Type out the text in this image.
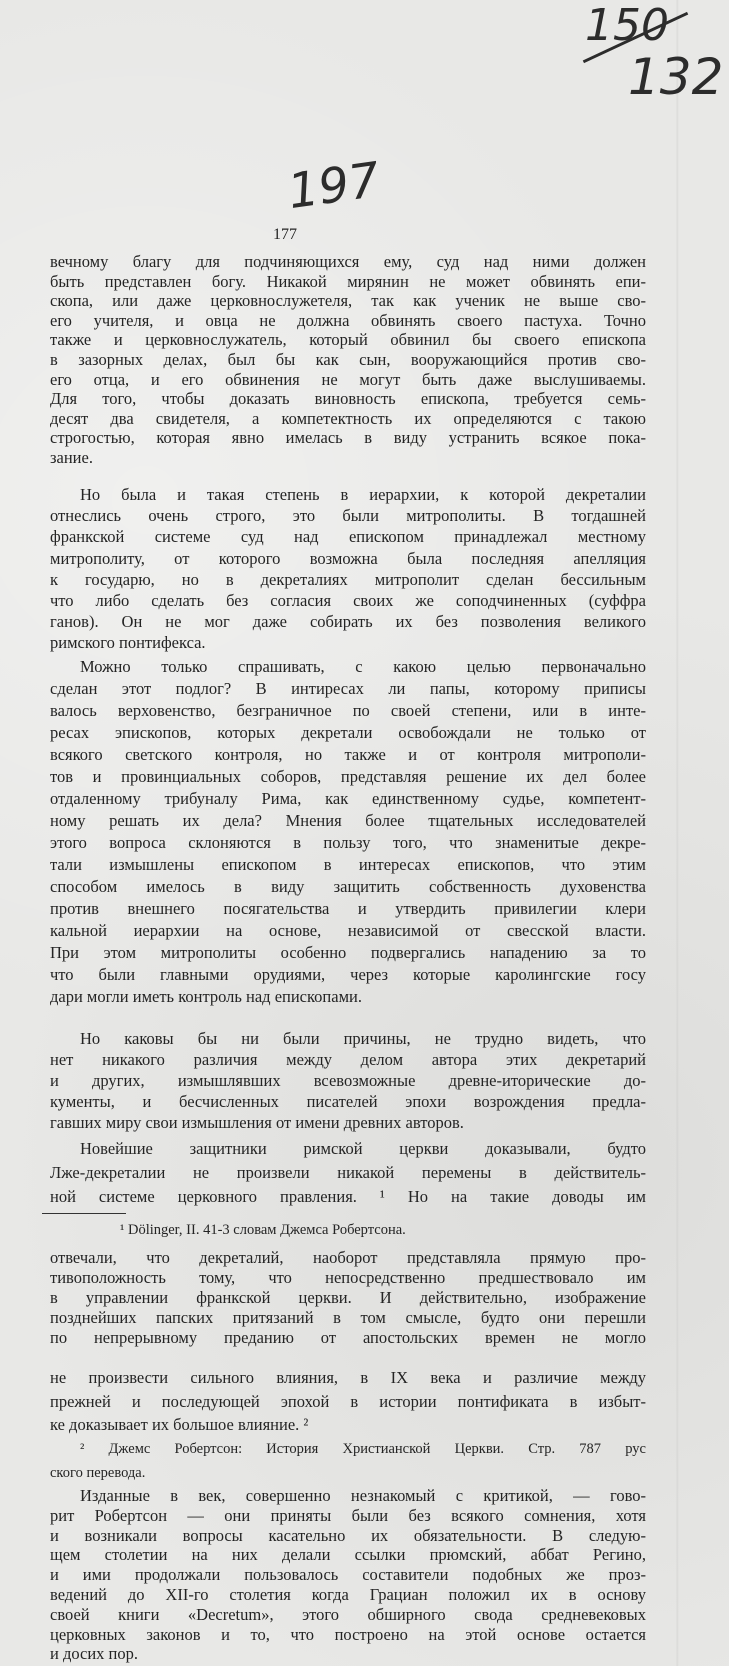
150
132
197
177
вечному благу для подчиняющихся ему, суд над ними должен
быть представлен богу. Никакой мирянин не может обвинять епи-
скопа, или даже церковнослужетеля, так как ученик не выше сво-
его учителя, и овца не должна обвинять своего пастуха. Точно
также и церковнослужатель, который обвинил бы своего епископа
в зазорных делах, был бы как сын, вооружающийся против сво-
его отца, и его обвинения не могут быть даже выслушиваемы.
Для того, чтобы доказать виновность епископа, требуется семь-
десят два свидетеля, а компетектность их определяются с такою
строгостью, которая явно имелась в виду устранить всякое пока-
зание.
Но была и такая степень в иерархии, к которой декреталии
отнеслись очень строго, это были митрополиты. В тогдашней
франкской системе суд над епископом принадлежал местному
митрополиту, от которого возможна была последняя апелляция
к государю, но в декреталиях митрополит сделан бессильным
что либо сделать без согласия своих же соподчиненных (суффра
ганов). Он не мог даже собирать их без позволения великого
римского понтифекса.
Можно только спрашивать, с какою целью первоначально
сделан этот подлог? В интиресах ли папы, которому приписы
валось верховенство, безграничное по своей степени, или в инте-
ресах эпископов, которых декретали освобождали не только от
всякого светского контроля, но также и от контроля митрополи-
тов и провинциальных соборов, представляя решение их дел более
отдаленному трибуналу Рима, как единственному судье, компетент-
ному решать их дела? Мнения более тщательных исследователей
этого вопроса склоняются в пользу того, что знаменитые декре-
тали измышлены епископом в интересах епископов, что этим
способом имелось в виду защитить собственность духовенства
против внешнего посягательства и утвердить привилегии клери
кальной иерархии на основе, независимой от свесской власти.
При этом митрополиты особенно подвергались нападению за то
что были главными орудиями, через которые каролингские госу
дари могли иметь контроль над епископами.
Но каковы бы ни были причины, не трудно видеть, что
нет никакого различия между делом автора этих декретарий
и других, измышлявших всевозможные древне-иторические до-
кументы, и бесчисленных писателей эпохи возрождения предла-
гавших миру свои измышления от имени древних авторов.
Новейшие защитники римской церкви доказывали, будто
Лже-декреталии не произвели никакой перемены в действитель-
ной системе церковного правления. ¹ Но на такие доводы им
¹ Dölinger, II. 41-3 словам Джемса Робертсона.
отвечали, что декреталий, наоборот представляла прямую про-
тивоположность тому, что непосредственно предшествовало им
в управлении франкской церкви. И действительно, изображение
позднейших папских притязаний в том смысле, будто они перешли
по непрерывному преданию от апостольских времен не могло
не произвести сильного влияния, в IX века и различие между
прежней и последующей эпохой в истории понтификата в избыт-
ке доказывает их большое влияние. ²
² Джемс Робертсон: История Христианской Церкви. Стр. 787 рус
ского перевода.
Изданные в век, совершенно незнакомый с критикой, — гово-
рит Робертсон — они приняты были без всякого сомнения, хотя
и возникали вопросы касательно их обязательности. В следую-
щем столетии на них делали ссылки прюмский, аббат Регино,
и ими продолжали пользовалось составители подобных же проз-
ведений до XII-го столетия когда Грациан положил их в основу
своей книги «Decretum», этого обширного свода средневековых
церковных законов и то, что построено на этой основе остается
и досих пор.
